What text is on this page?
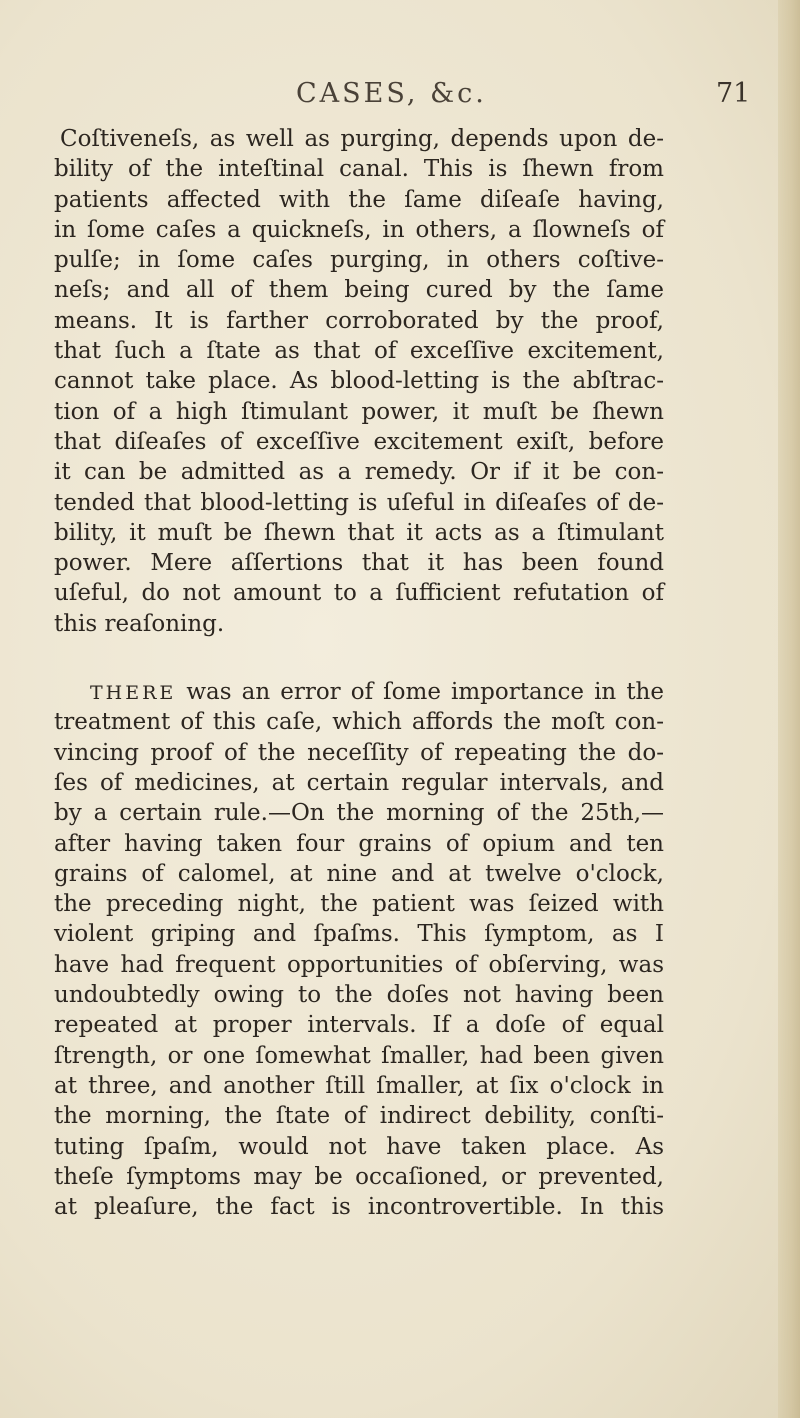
CASES, &c.	71
Coſtiveneſs, as well as purging, depends upon de-
bility of the inteſtinal canal. This is ſhewn from
patients affected with the ſame diſeaſe having,
in ſome caſes a quickneſs, in others, a ſlowneſs of
pulſe; in ſome caſes purging, in others coſtive-
neſs; and all of them being cured by the ſame
means. It is farther corroborated by the proof,
that ſuch a ſtate as that of exceſſive excitement,
cannot take place. As blood-letting is the abſtrac-
tion of a high ſtimulant power, it muſt be ſhewn
that diſeaſes of exceſſive excitement exiſt, before
it can be admitted as a remedy. Or if it be con-
tended that blood-letting is uſeful in diſeaſes of de-
bility, it muſt be ſhewn that it acts as a ſtimulant
power. Mere aſſertions that it has been found
uſeful, do not amount to a ſufficient refutation of
this reaſoning.
THERE was an error of ſome importance in the
treatment of this caſe, which affords the moſt con-
vincing proof of the neceſſity of repeating the do-
ſes of medicines, at certain regular intervals, and
by a certain rule.—On the morning of the 25th,—
after having taken four grains of opium and ten
grains of calomel, at nine and at twelve o'clock,
the preceding night, the patient was ſeized with
violent griping and ſpaſms. This ſymptom, as I
have had frequent opportunities of obſerving, was
undoubtedly owing to the doſes not having been
repeated at proper intervals. If a doſe of equal
ſtrength, or one ſomewhat ſmaller, had been given
at three, and another ſtill ſmaller, at ſix o'clock in
the morning, the ſtate of indirect debility, conſti-
tuting ſpaſm, would not have taken place. As
theſe ſymptoms may be occaſioned, or prevented,
at pleaſure, the fact is incontrovertible. In this
